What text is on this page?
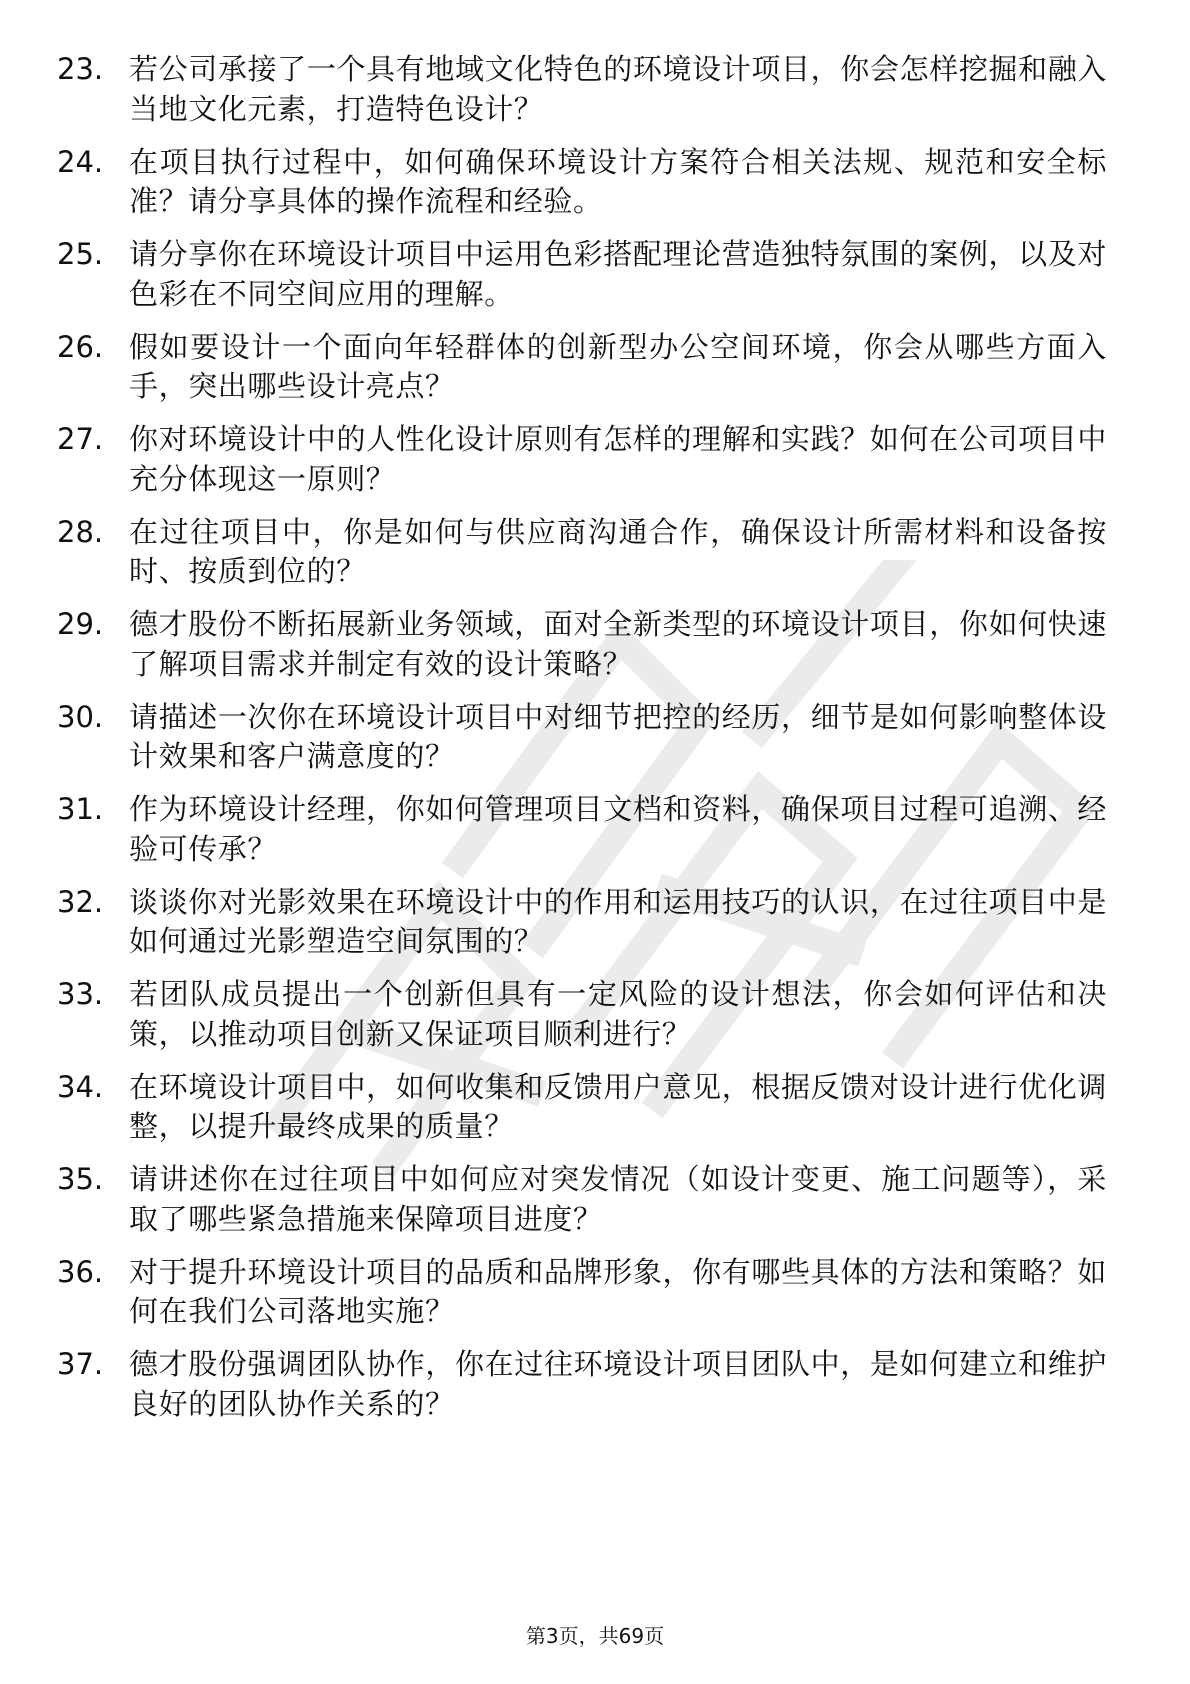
23. 若公司承接了一个具有地域文化特色的环境设计项目，你会怎样挖掘和融入当地文化元素，打造特色设计？
24. 在项目执行过程中，如何确保环境设计方案符合相关法规、规范和安全标准？请分享具体的操作流程和经验。
25. 请分享你在环境设计项目中运用色彩搭配理论营造独特氛围的案例，以及对色彩在不同空间应用的理解。
26. 假如要设计一个面向年轻群体的创新型办公空间环境，你会从哪些方面入手，突出哪些设计亮点？
27. 你对环境设计中的人性化设计原则有怎样的理解和实践？如何在公司项目中充分体现这一原则？
28. 在过往项目中，你是如何与供应商沟通合作，确保设计所需材料和设备按时、按质到位的？
29. 德才股份不断拓展新业务领域，面对全新类型的环境设计项目，你如何快速了解项目需求并制定有效的设计策略？
30. 请描述一次你在环境设计项目中对细节把控的经历，细节是如何影响整体设计效果和客户满意度的？
31. 作为环境设计经理，你如何管理项目文档和资料，确保项目过程可追溯、经验可传承？
32. 谈谈你对光影效果在环境设计中的作用和运用技巧的认识，在过往项目中是如何通过光影塑造空间氛围的？
33. 若团队成员提出一个创新但具有一定风险的设计想法，你会如何评估和决策，以推动项目创新又保证项目顺利进行？
34. 在环境设计项目中，如何收集和反馈用户意见，根据反馈对设计进行优化调整，以提升最终成果的质量？
35. 请讲述你在过往项目中如何应对突发情况（如设计变更、施工问题等），采取了哪些紧急措施来保障项目进度？
36. 对于提升环境设计项目的品质和品牌形象，你有哪些具体的方法和策略？如何在我们公司落地实施？
37. 德才股份强调团队协作，你在过往环境设计项目团队中，是如何建立和维护良好的团队协作关系的？
第3页，共69页
